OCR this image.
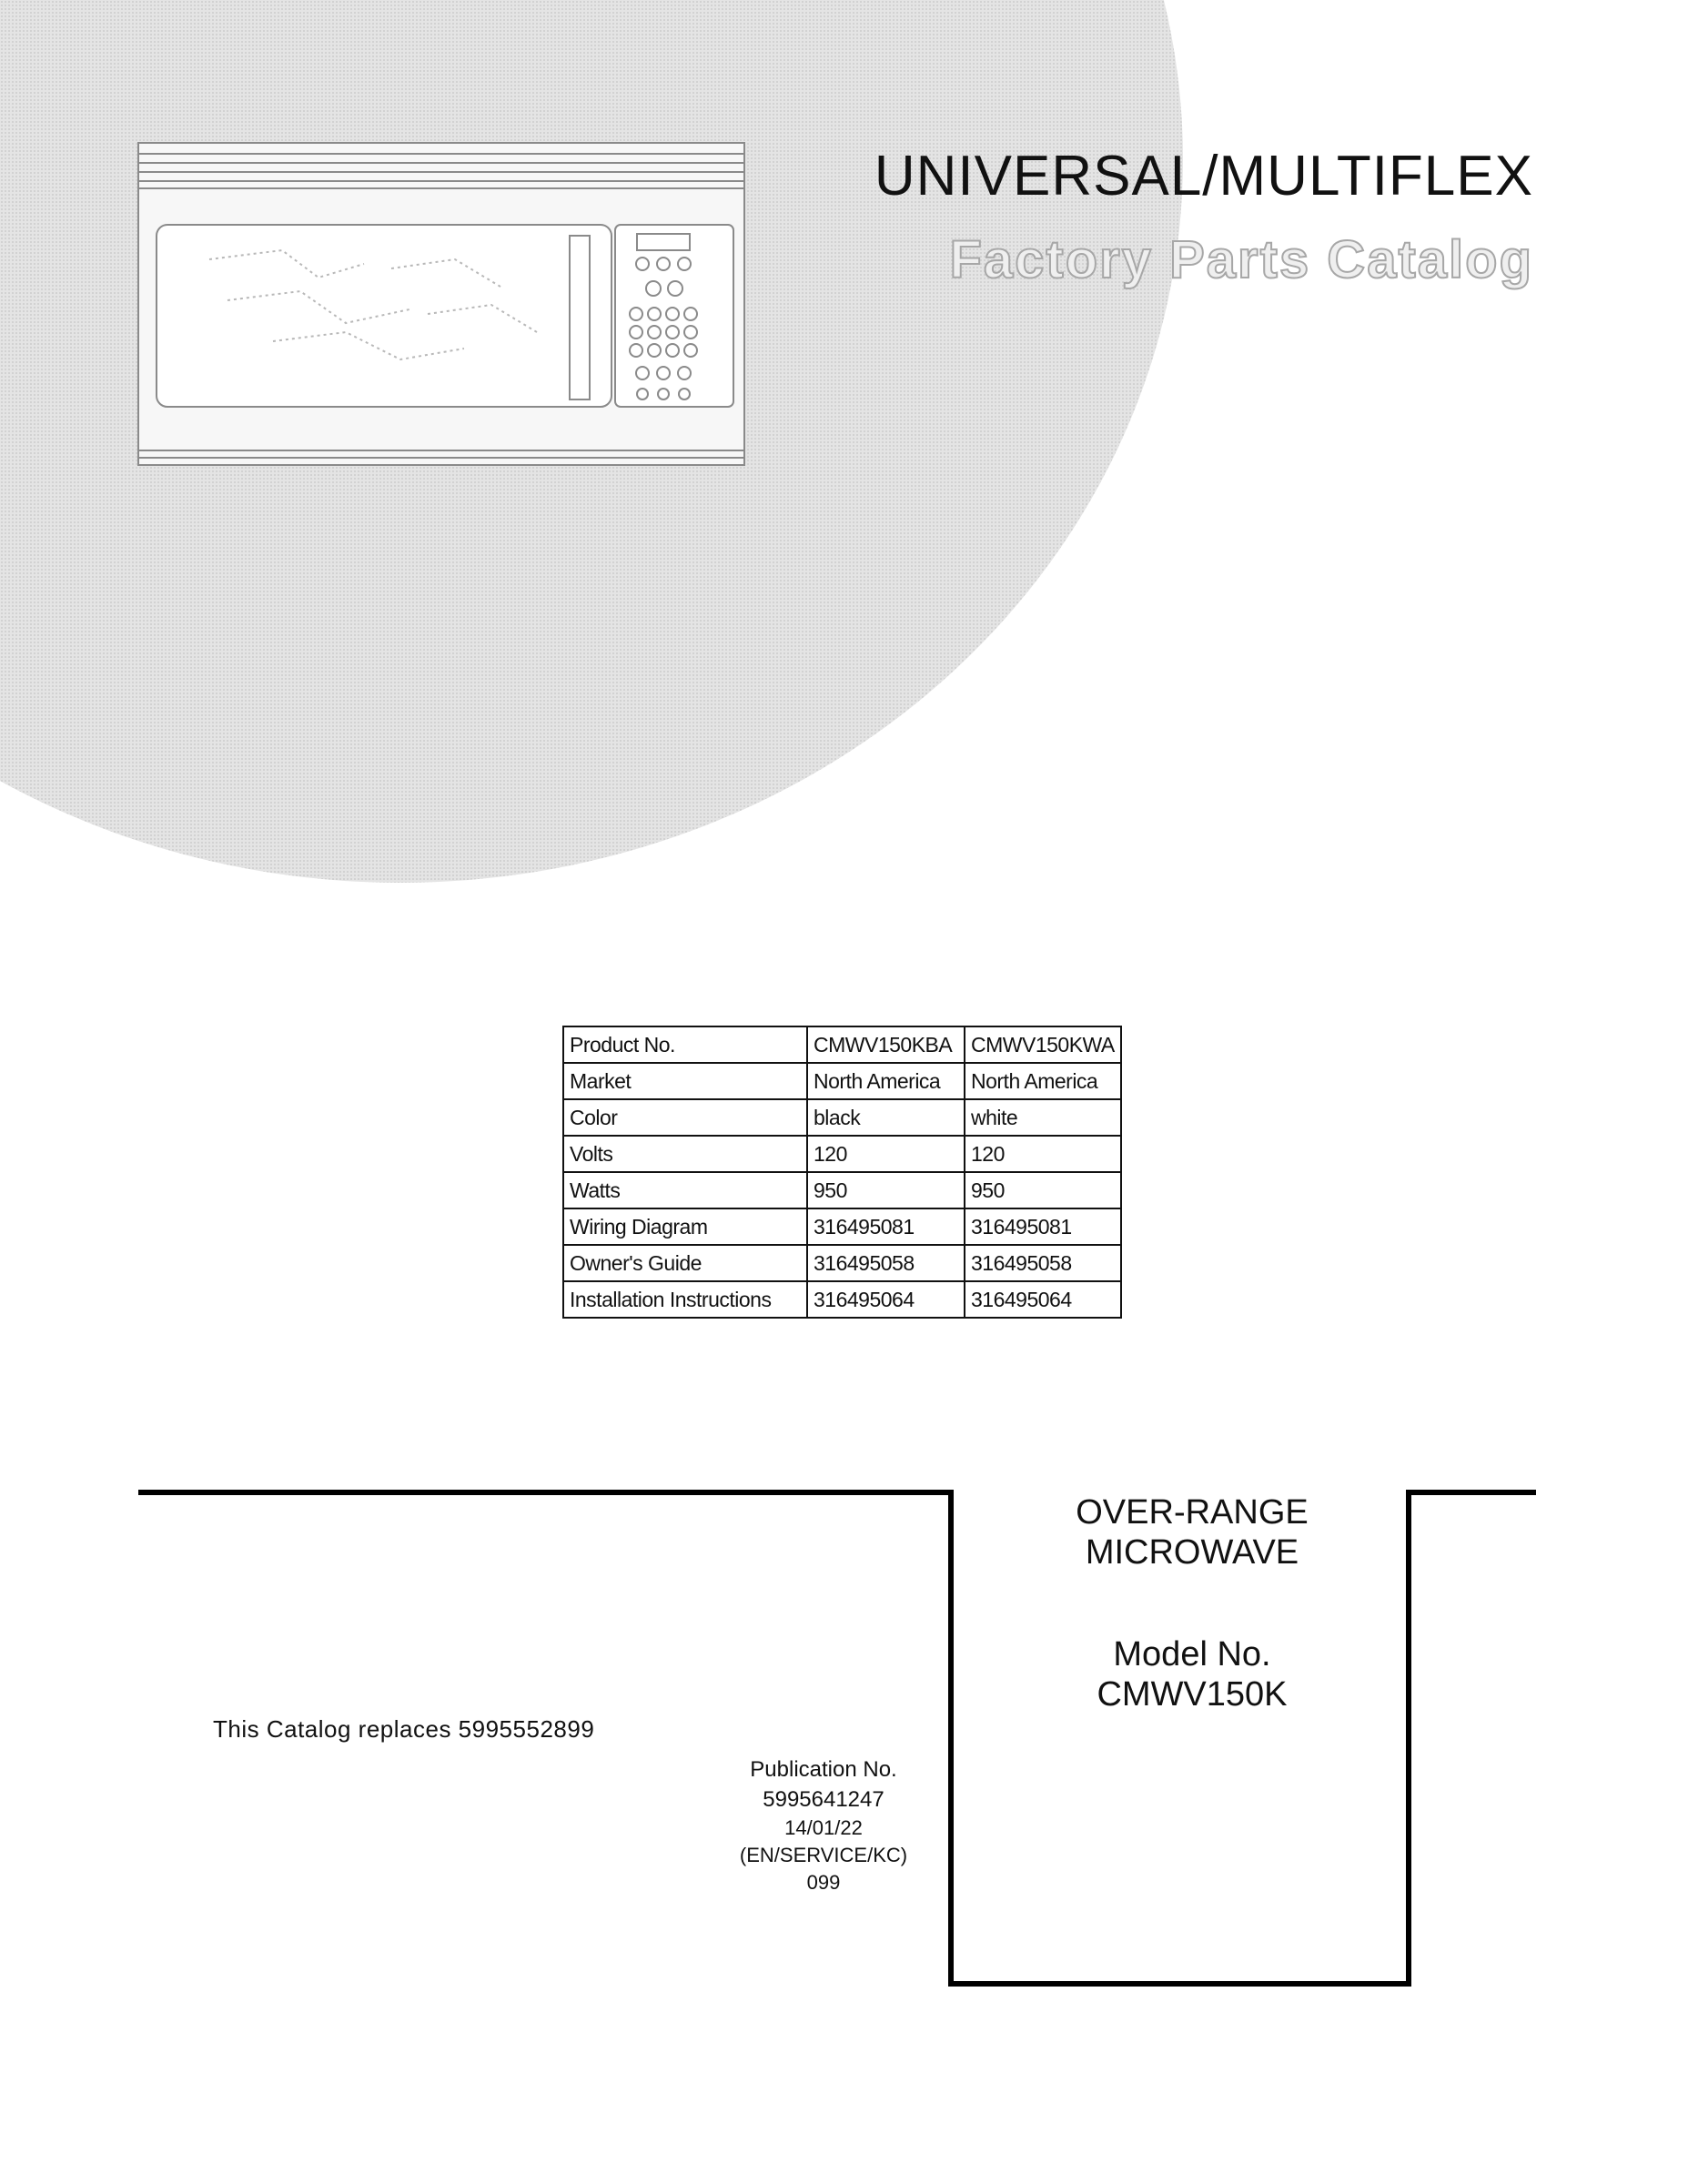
UNIVERSAL/MULTIFLEX
Factory Parts Catalog
Product No.	CMWV150KBA	CMWV150KWA
Market	North America	North America
Color	black	white
Volts	120	120
Watts	950	950
Wiring Diagram	316495081	316495081
Owner's Guide	316495058	316495058
Installation Instructions	316495064	316495064
OVER-RANGE
MICROWAVE
Model No.
CMWV150K
This Catalog replaces 5995552899
Publication No.
5995641247
14/01/22
(EN/SERVICE/KC)
099
